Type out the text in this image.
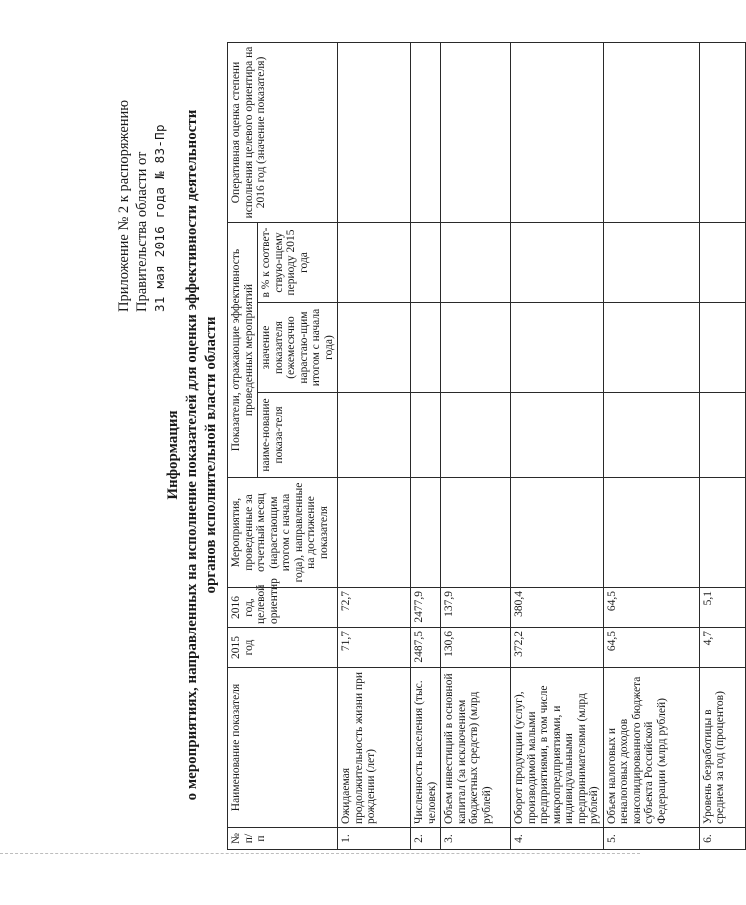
Приложение № 2 к распоряжению Правительства области от 31 мая 2016 года № 83-Пр
Информация о мероприятиях, направленных на исполнение показателей для оценки эффективности деятельности органов исполнительной власти области
№ п/п	Наименование показателя	2015 год	2016 год, целевой ориентир	Мероприятия, проведенные за отчетный месяц (нарастающим итогом с начала года), направленные на достижение показателя	Показатели, отражающие эффективность проведенных мероприятий			Оперативная оценка степени исполнения целевого ориентира на 2016 год (значение показателя)
					наиме-нование показа-теля	значение показателя (ежемесячно нарастаю-щим итогом с начала года)	в % к соответ-ствую-щему периоду 2015 года	
1.	Ожидаемая продолжительность жизни при рождении (лет)	71,7	72,7					
2.	Численность населения (тыс. человек)	2487,5	2477,9					
3.	Объем инвестиций в основной капитал (за исключением бюджетных средств) (млрд рублей)	130,6	137,9					
4.	Оборот продукции (услуг), производимой малыми предприятиями, в том числе микропредприятиями, и индивидуальными предпринимателями (млрд рублей)	372,2	380,4					
5.	Объем налоговых и неналоговых доходов консолидированного бюджета субъекта Российской Федерации (млрд рублей)	64,5	64,5					
6.	Уровень безработицы в среднем за год (процентов)	4,7	5,1					
